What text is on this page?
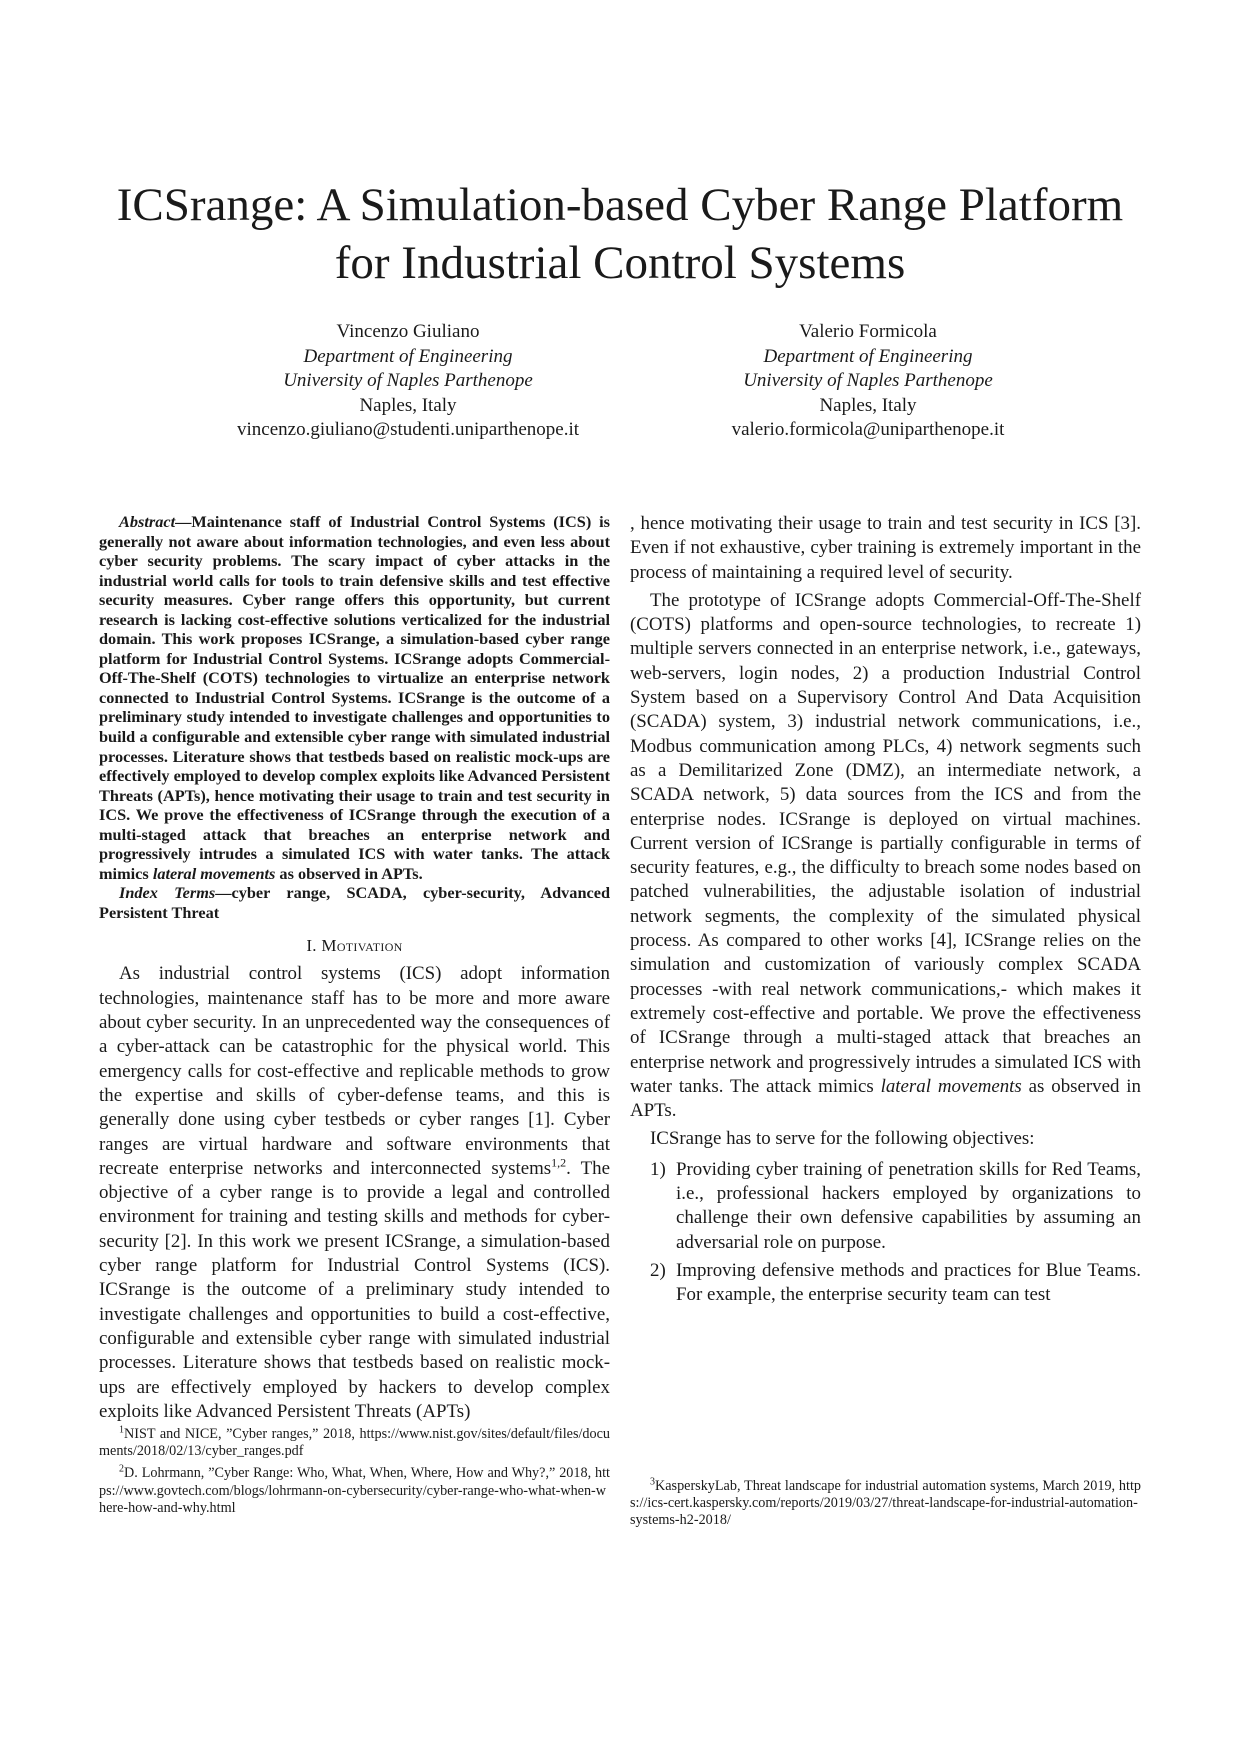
ICSrange: A Simulation-based Cyber Range Platform for Industrial Control Systems
Vincenzo Giuliano
Department of Engineering
University of Naples Parthenope
Naples, Italy
vincenzo.giuliano@studenti.uniparthenope.it
Valerio Formicola
Department of Engineering
University of Naples Parthenope
Naples, Italy
valerio.formicola@uniparthenope.it

Abstract—Maintenance staff of Industrial Control Systems (ICS) is generally not aware about information technologies, and even less about cyber security problems. The scary impact of cyber attacks in the industrial world calls for tools to train defensive skills and test effective security measures. Cyber range offers this opportunity, but current research is lacking cost-effective solutions verticalized for the industrial domain. This work proposes ICSrange, a simulation-based cyber range platform for Industrial Control Systems. ICSrange adopts Commercial-Off-The-Shelf (COTS) technologies to virtualize an enterprise network connected to Industrial Control Systems. ICSrange is the outcome of a preliminary study intended to investigate challenges and opportunities to build a configurable and extensible cyber range with simulated industrial processes. Literature shows that testbeds based on realistic mock-ups are effectively employed to develop complex exploits like Advanced Persistent Threats (APTs), hence motivating their usage to train and test security in ICS. We prove the effectiveness of ICSrange through the execution of a multi-staged attack that breaches an enterprise network and progressively intrudes a simulated ICS with water tanks. The attack mimics lateral movements as observed in APTs.

Index Terms—cyber range, SCADA, cyber-security, Advanced Persistent Threat

I. Motivation

As industrial control systems (ICS) adopt information technologies, maintenance staff has to be more and more aware about cyber security. In an unprecedented way the consequences of a cyber-attack can be catastrophic for the physical world. This emergency calls for cost-effective and replicable methods to grow the expertise and skills of cyber-defense teams, and this is generally done using cyber testbeds or cyber ranges [1]. Cyber ranges are virtual hardware and software environments that recreate enterprise networks and interconnected systems$^{1,2}$. The objective of a cyber range is to provide a legal and controlled environment for training and testing skills and methods for cyber-security [2]. In this work we present ICSrange, a simulation-based cyber range platform for Industrial Control Systems (ICS). ICSrange is the outcome of a preliminary study intended to investigate challenges and opportunities to build a cost-effective, configurable and extensible cyber range with simulated industrial processes. Literature shows that testbeds based on realistic mock-ups are effectively employed by hackers to develop complex exploits like Advanced Persistent Threats (APTs)

$^1$NIST and NICE, ”Cyber ranges,” 2018, https://www.nist.gov/sites/default/files/documents/2018/02/13/cyber_ranges.pdf

$^2$D. Lohrmann, ”Cyber Range: Who, What, When, Where, How and Why?,” 2018, https://www.govtech.com/blogs/lohrmann-on-cybersecurity/cyber-range-who-what-when-where-how-and-why.html

, hence motivating their usage to train and test security in ICS [3]. Even if not exhaustive, cyber training is extremely important in the process of maintaining a required level of security.

The prototype of ICSrange adopts Commercial-Off-The-Shelf (COTS) platforms and open-source technologies, to recreate 1) multiple servers connected in an enterprise network, i.e., gateways, web-servers, login nodes, 2) a production Industrial Control System based on a Supervisory Control And Data Acquisition (SCADA) system, 3) industrial network communications, i.e., Modbus communication among PLCs, 4) network segments such as a Demilitarized Zone (DMZ), an intermediate network, a SCADA network, 5) data sources from the ICS and from the enterprise nodes. ICSrange is deployed on virtual machines. Current version of ICSrange is partially configurable in terms of security features, e.g., the difficulty to breach some nodes based on patched vulnerabilities, the adjustable isolation of industrial network segments, the complexity of the simulated physical process. As compared to other works [4], ICSrange relies on the simulation and customization of variously complex SCADA processes -with real network communications,- which makes it extremely cost-effective and portable. We prove the effectiveness of ICSrange through a multi-staged attack that breaches an enterprise network and progressively intrudes a simulated ICS with water tanks. The attack mimics lateral movements as observed in APTs.

ICSrange has to serve for the following objectives:

1) Providing cyber training of penetration skills for Red Teams, i.e., professional hackers employed by organizations to challenge their own defensive capabilities by assuming an adversarial role on purpose.
2) Improving defensive methods and practices for Blue Teams. For example, the enterprise security team can test

$^3$KasperskyLab, Threat landscape for industrial automation systems, March 2019, https://ics-cert.kaspersky.com/reports/2019/03/27/threat-landscape-for-industrial-automation-systems-h2-2018/
